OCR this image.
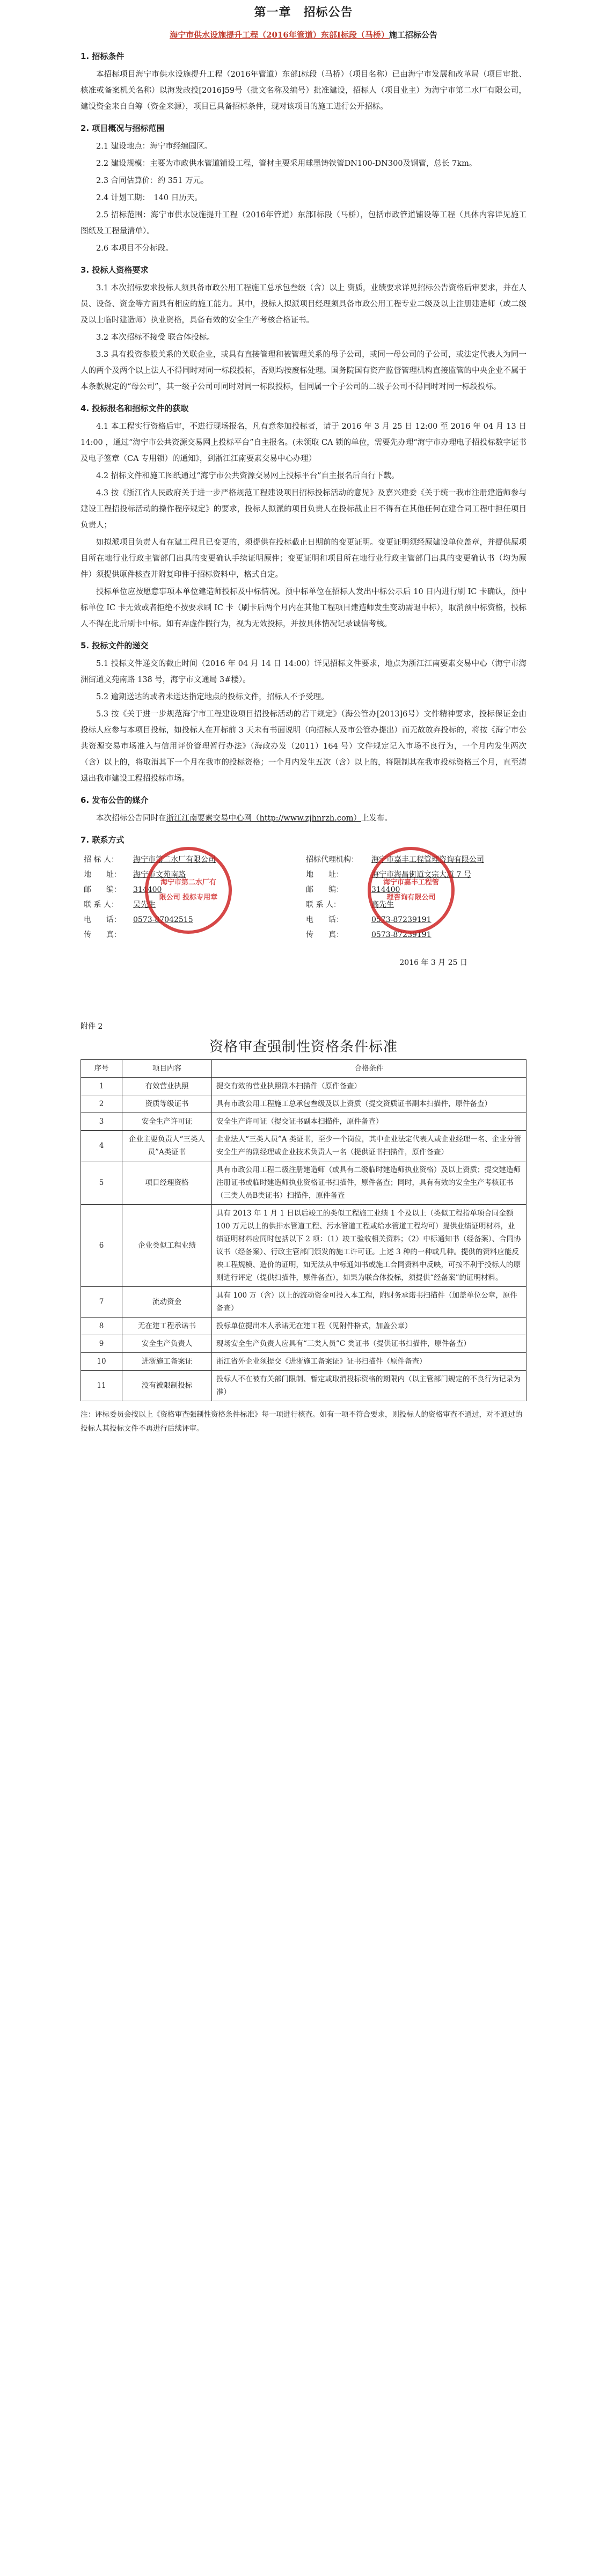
第一章　招标公告
海宁市供水设施提升工程（2016年管道）东部Ⅰ标段（马桥）施工招标公告
1. 招标条件
本招标项目海宁市供水设施提升工程（2016年管道）东部Ⅰ标段（马桥）（项目名称）已由海宁市发展和改革局（项目审批、核准或备案机关名称）以海发改投[2016]59号（批文名称及编号）批准建设，招标人（项目业主）为海宁市第二水厂有限公司，建设资金来自自筹（资金来源），项目已具备招标条件，现对该项目的施工进行公开招标。
2. 项目概况与招标范围
2.1 建设地点：海宁市经编园区。
2.2 建设规模：主要为市政供水管道铺设工程，管材主要采用球墨铸铁管DN100-DN300及钢管，总长 7km。
2.3 合同估算价：约 351 万元。
2.4 计划工期：　140 日历天。
2.5 招标范围：海宁市供水设施提升工程（2016年管道）东部Ⅰ标段（马桥），包括市政管道铺设等工程（具体内容详见施工图纸及工程量清单）。
2.6 本项目不分标段。
3. 投标人资格要求
3.1 本次招标要求投标人须具备市政公用工程施工总承包叁级（含）以上 资质，业绩要求详见招标公告资格后审要求，并在人员、设备、资金等方面具有相应的施工能力。其中，投标人拟派项目经理须具备市政公用工程专业二级及以上注册建造师（或二级及以上临时建造师）执业资格，具备有效的安全生产考核合格证书。
3.2 本次招标不接受 联合体投标。
3.3 具有投资参股关系的关联企业，或具有直接管理和被管理关系的母子公司，或同一母公司的子公司，或法定代表人为同一人的两个及两个以上法人不得同时对同一标段投标，否则均按废标处理。国务院国有资产监督管理机构直接监管的中央企业不属于本条款规定的“母公司”，其一级子公司可同时对同一标段投标，但同属一个子公司的二级子公司不得同时对同一标段投标。
4. 投标报名和招标文件的获取
4.1 本工程实行资格后审，不进行现场报名，凡有意参加投标者，请于 2016 年 3 月 25 日 12:00 至 2016 年 04 月 13 日 14:00 ，通过“海宁市公共资源交易网上投标平台”自主报名。(未领取 CA 锁的单位，需要先办理“海宁市办理电子招投标数字证书及电子签章（CA 专用锁）的通知》，到浙江江南要素交易中心办理）
4.2 招标文件和施工图纸通过“海宁市公共资源交易网上投标平台”自主报名后自行下载。
4.3 按《浙江省人民政府关于进一步严格规范工程建设项目招标投标活动的意见》及嘉兴建委《关于统一我市注册建造师参与建设工程招投标活动的操作程序规定》的要求，投标人拟派的项目负责人在投标截止日不得有在其他任何在建合同工程中担任项目负责人；
如拟派项目负责人有在建工程且已变更的，须提供在投标截止日期前的变更证明。变更证明须经原建设单位盖章，并提供原项目所在地行业行政主管部门出具的变更确认手续证明原件；变更证明和项目所在地行业行政主管部门出具的变更确认书（均为原件）须提供原件核查并附复印件于招标资料中，格式自定。
投标单位应按愿意事项本单位建造师投标及中标情况。预中标单位在招标人发出中标公示后 10 日内进行刷 IC 卡确认，预中标单位 IC 卡无效或者拒绝不按要求刷 IC 卡（刷卡后两个月内在其他工程项目建造师发生变动需退中标），取消预中标资格，投标人不得在此后刷卡中标。如有弄虚作假行为，视为无效投标，并按具体情况记录诚信考核。
5. 投标文件的递交
5.1 投标文件递交的截止时间（2016 年 04 月 14 日 14:00）详见招标文件要求，地点为浙江江南要素交易中心（海宁市海洲街道文苑南路 138 号，海宁市文通局 3#楼）。
5.2 逾期送达的或者未送达指定地点的投标文件，招标人不予受理。
5.3 按《关于进一步规范海宁市工程建设项目招投标活动的若干规定》（海公管办[2013]6号）文件精神要求，投标保证金由投标人应参与本项目投标，如投标人在开标前 3 天未有书面说明（向招标人及市公管办提出）而无故放弃投标的，将按《海宁市公共资源交易市场准入与信用评价管理暂行办法》（海政办发（2011）164 号）文件规定记入市场不良行为，一个月内发生两次（含）以上的，将取消其下一个月在我市的投标资格；一个月内发生五次（含）以上的，将限制其在我市投标资格三个月，直至清退出我市建设工程招投标市场。
6. 发布公告的媒介
本次招标公告同时在浙江江南要素交易中心网（http://www.zjhnrzh.com）上发布。
7. 联系方式
海宁市第二水厂有限公司 投标专用章
海宁市嘉丰工程管理咨询有限公司
招 标 人：	海宁市第二水厂有限公司	招标代理机构：	海宁市嘉丰工程管理咨询有限公司
地　　址：	海宁市文苑南路	地　　址：	海宁市海昌街道文宗大道 7 号
邮　　编：	314400	邮　　编：	314400
联 系 人：	吴先生	联 系 人：	高先生
电　　话：	0573-87042515	电　　话：	0573-87239191
传　　真：		传　　真：	0573-87239191
2016 年 3 月 25 日
附件 2
资格审查强制性资格条件标准
序号	项目内容	合格条件
1	有效营业执照	提交有效的营业执照副本扫描件（原件备查）
2	资质等级证书	具有市政公用工程施工总承包叁级及以上资质（提交资质证书副本扫描件，原件备查）
3	安全生产许可证	安全生产许可证（提交证书副本扫描件，原件备查）
4	企业主要负责人“三类人员”A类证书	企业法人“三类人员”A 类证书，至少一个岗位，其中企业法定代表人或企业经理一名、企业分管安全生产的副经理或企业技术负责人一名（提供证书扫描件，原件备查）
5	项目经理资格	具有市政公用工程二级注册建造师（或具有二级临时建造师执业资格）及以上资质；提交建造师注册证书或临时建造师执业资格证书扫描件，原件备查；同时，具有有效的安全生产考核证书（三类人员B类证书）扫描件，原件备查
6	企业类似工程业绩	具有 2013 年 1 月 1 日以后竣工的类似工程施工业绩 1 个及以上（类似工程指单项合同金额 100 万元以上的供排水管道工程、污水管道工程或给水管道工程均可）提供业绩证明材料，业绩证明材料应同时包括以下 2 项：（1）竣工验收相关资料；（2）中标通知书（经备案）、合同协议书（经备案）、行政主管部门颁发的施工许可证。上述 3 种的一种或几种。提供的资料应能反映工程规模、造价的证明，如无法从中标通知书或施工合同资料中反映，可按不利于投标人的原则进行评定（提供扫描件，原件备查），如果为联合体投标，须提供“经备案”的证明材料。
7	流动资金	具有 100 万（含）以上的流动资金可投入本工程，附财务承诺书扫描件（加盖单位公章，原件备查）
8	无在建工程承诺书	投标单位提出本人承诺无在建工程（见附件格式，加盖公章）
9	安全生产负责人	现场安全生产负责人应具有“三类人员”C 类证书（提供证书扫描件，原件备查）
10	进浙施工备案证	浙江省外企业须提交《进浙施工备案证》证书扫描件（原件备查）
11	没有被限制投标	投标人不在被有关部门限制、暂定或取消投标资格的期限内（以主管部门规定的不良行为记录为准）
注：评标委员会按以上《资格审查强制性资格条件标准》每一项进行核查。如有一项不符合要求，则投标人的资格审查不通过，对不通过的投标人其投标文件不再进行后续评审。
